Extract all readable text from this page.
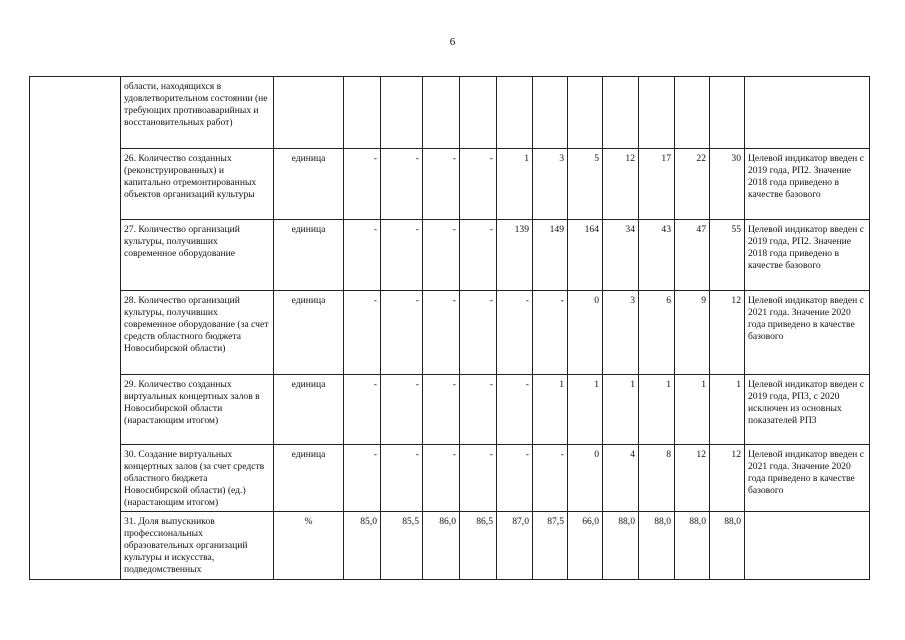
6
	области, находящихся в удовлетворительном состоянии (не требующих противоаварийных и восстановительных работ)													
	26. Количество созданных (реконструированных) и капитально отремонтированных объектов организаций культуры	единица	-	-	-	-	1	3	5	12	17	22	30	Целевой индикатор введен с 2019 года, РП2. Значение 2018 года приведено в качестве базового
	27. Количество организаций культуры, получивших современное оборудование	единица	-	-	-	-	139	149	164	34	43	47	55	Целевой индикатор введен с 2019 года, РП2. Значение 2018 года приведено в качестве базового
	28. Количество организаций культуры, получивших современное оборудование (за счет средств областного бюджета Новосибирской области)	единица	-	-	-	-	-	-	0	3	6	9	12	Целевой индикатор введен с 2021 года. Значение 2020 года приведено в качестве базового
	29. Количество созданных виртуальных концертных залов в Новосибирской области (нарастающим итогом)	единица	-	-	-	-	-	1	1	1	1	1	1	Целевой индикатор введен с 2019 года, РП3, с 2020 исключен из основных показателей РП3
	30. Создание виртуальных концертных залов (за счет средств областного бюджета Новосибирской области) (ед.) (нарастающим итогом)	единица	-	-	-	-	-	-	0	4	8	12	12	Целевой индикатор введен с 2021 года. Значение 2020 года приведено в качестве базового
	31. Доля выпускников профессиональных образовательных организаций культуры и искусства, подведомственных	%	85,0	85,5	86,0	86,5	87,0	87,5	66,0	88,0	88,0	88,0	88,0	
